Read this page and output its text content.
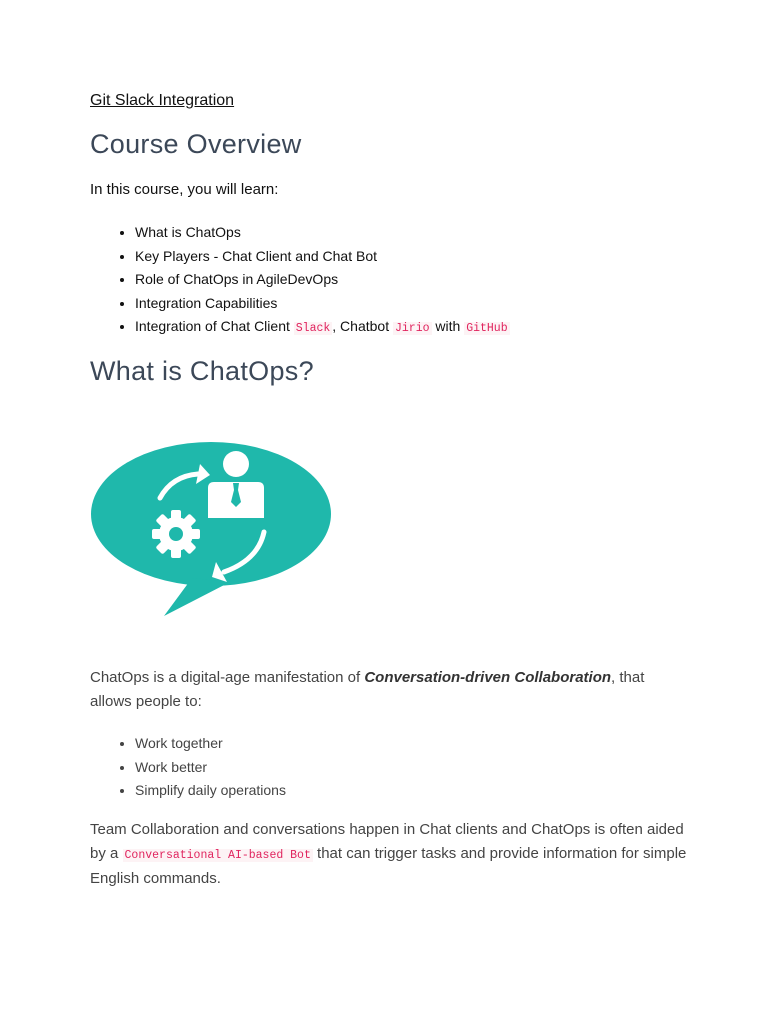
Git Slack Integration
Course Overview

In this course, you will learn:

• What is ChatOps
• Key Players - Chat Client and Chat Bot
• Role of ChatOps in AgileDevOps
• Integration Capabilities
• Integration of Chat Client Slack , Chatbot Jirio with GitHub
What is ChatOps?

ChatOps is a digital-age manifestation of Conversation-driven Collaboration, that allows people to:

• Work together
• Work better
• Simplify daily operations

Team Collaboration and conversations happen in Chat clients and ChatOps is often aided by a Conversational AI-based Bot that can trigger tasks and provide information for simple English commands.
